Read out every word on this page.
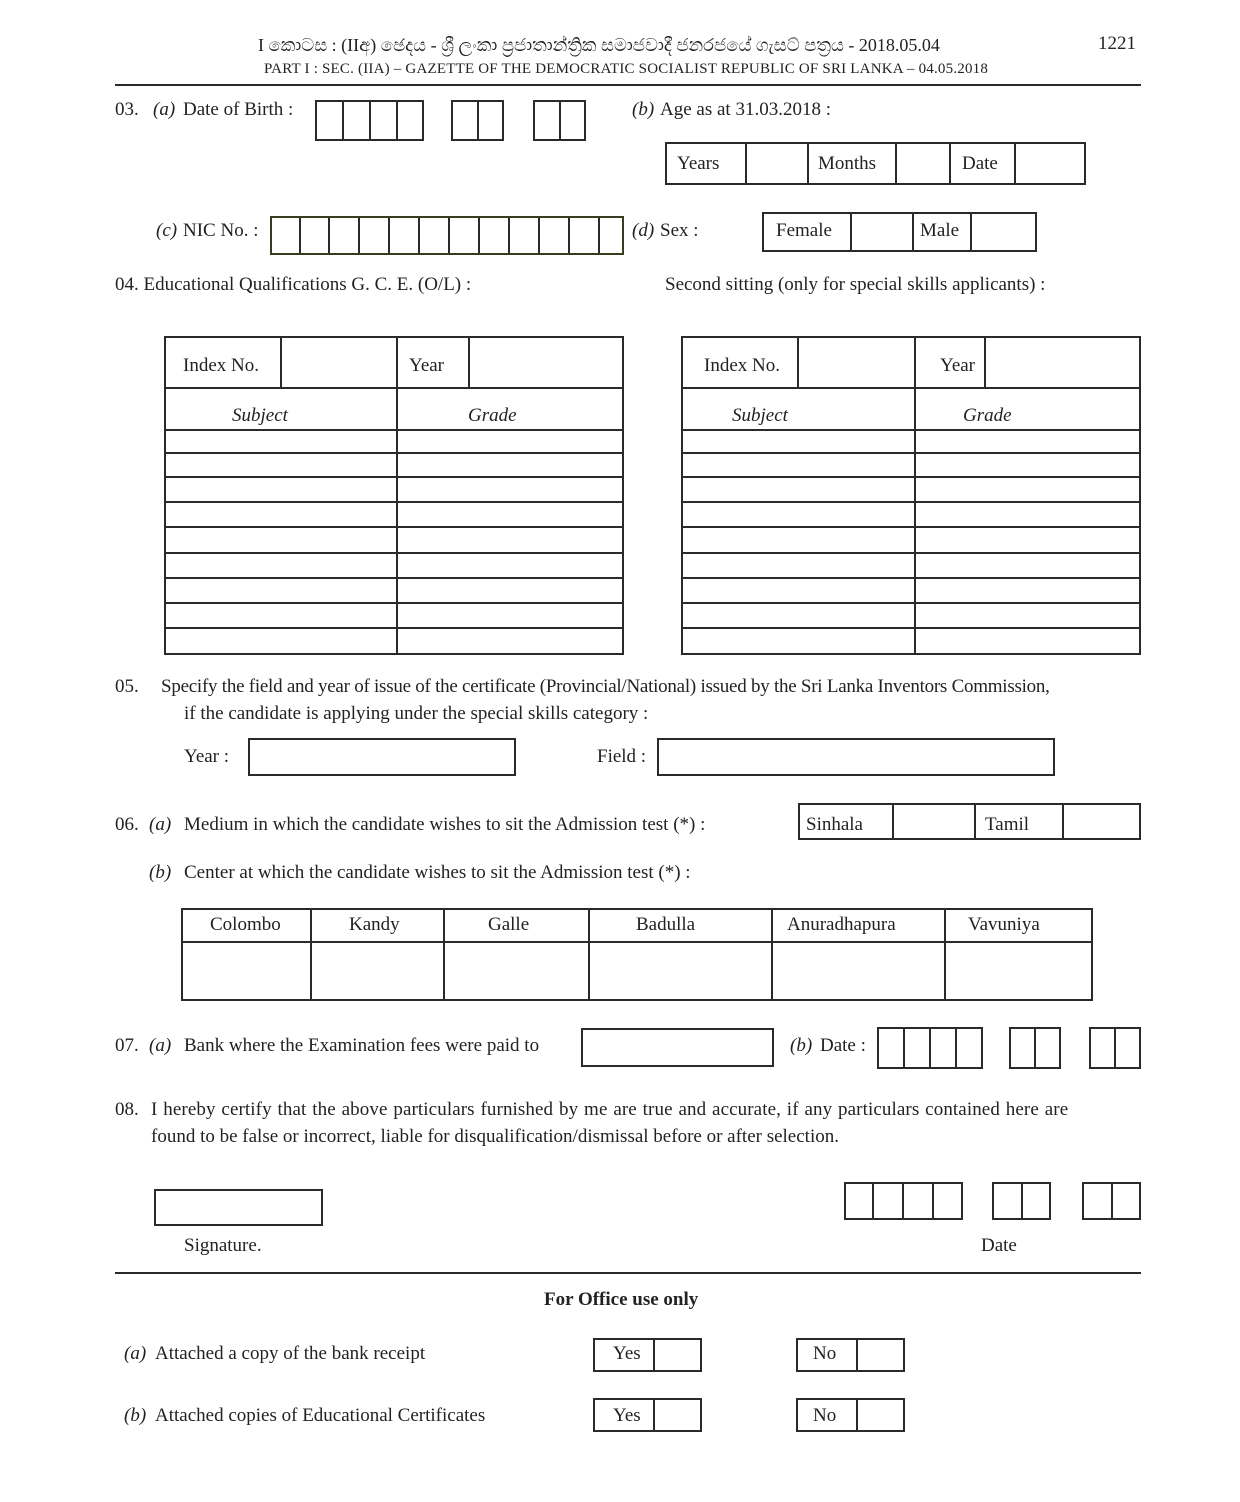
I කොටස : (IIඅ) ඡෙදය - ශ්‍රී ලංකා ප්‍රජාතාන්ත්‍රික සමාජවාදී ජනරජයේ ගැසට් පත්‍රය - 2018.05.04	1221
PART I : SEC. (IIA) – GAZETTE OF THE DEMOCRATIC SOCIALIST REPUBLIC OF SRI LANKA – 04.05.2018
03. (a) Date of Birth :	(b) Age as at 31.03.2018 :
Years	Months	Date
(c) NIC No. :	(d) Sex :	Female	Male
04. Educational Qualifications G. C. E. (O/L) :	Second sitting (only for special skills applicants) :
Index No.	Year
Subject	Grade
Index No.	Year
Subject	Grade
05. Specify the field and year of issue of the certificate (Provincial/National) issued by the Sri Lanka Inventors Commission,
if the candidate is applying under the special skills category :
Year :	Field :
06. (a) Medium in which the candidate wishes to sit the Admission test (*) :	Sinhala	Tamil
(b) Center at which the candidate wishes to sit the Admission test (*) :
Colombo	Kandy	Galle	Badulla	Anuradhapura	Vavuniya
07. (a) Bank where the Examination fees were paid to	(b) Date :
08. I hereby certify that the above particulars furnished by me are true and accurate, if any particulars contained here are
found to be false or incorrect, liable for disqualification/dismissal before or after selection.
Signature.	Date
For Office use only
(a) Attached a copy of the bank receipt	Yes	No
(b) Attached copies of Educational Certificates	Yes	No
